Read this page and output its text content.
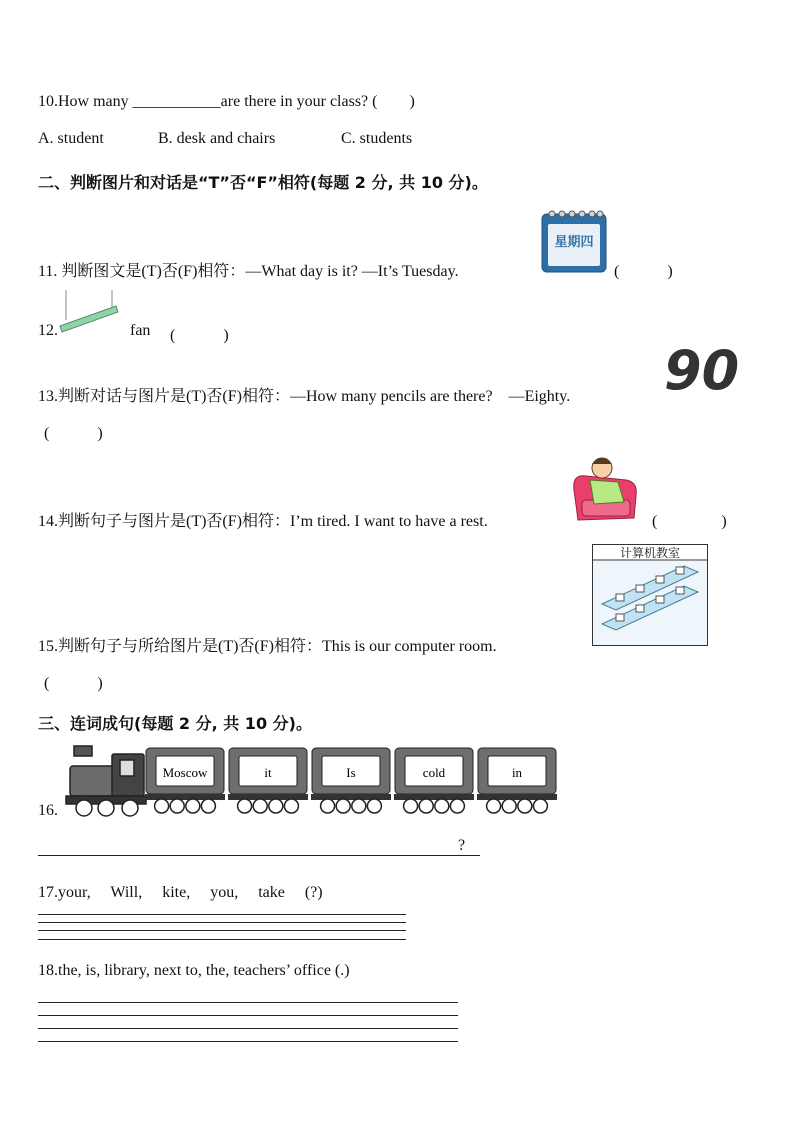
10.How many ___________are there in your class? (　　)
A. student	B. desk and chairs	C. students
二、判断图片和对话是“T”否“F”相符(每题 2 分, 共 10 分)。
11. 判断图文是(T)否(F)相符：—What day is it? —It’s Tuesday.
星期四
(　　　)
12.	fan (　　　)
13.判断对话与图片是(T)否(F)相符：—How many pencils are there?　—Eighty. 90
(　　　)
14.判断句子与图片是(T)否(F)相符：I’m tired. I want to have a rest.	(　　　　)
计算机教室
15.判断句子与所给图片是(T)否(F)相符：This is our computer room.
(　　　)
三、连词成句(每题 2 分, 共 10 分)。
16.
Moscow	it	Is	cold	in
?
17.your,　 Will,　 kite,　 you,　 take　 (?)
18.the, is, library, next to, the, teachers’ office (.)
